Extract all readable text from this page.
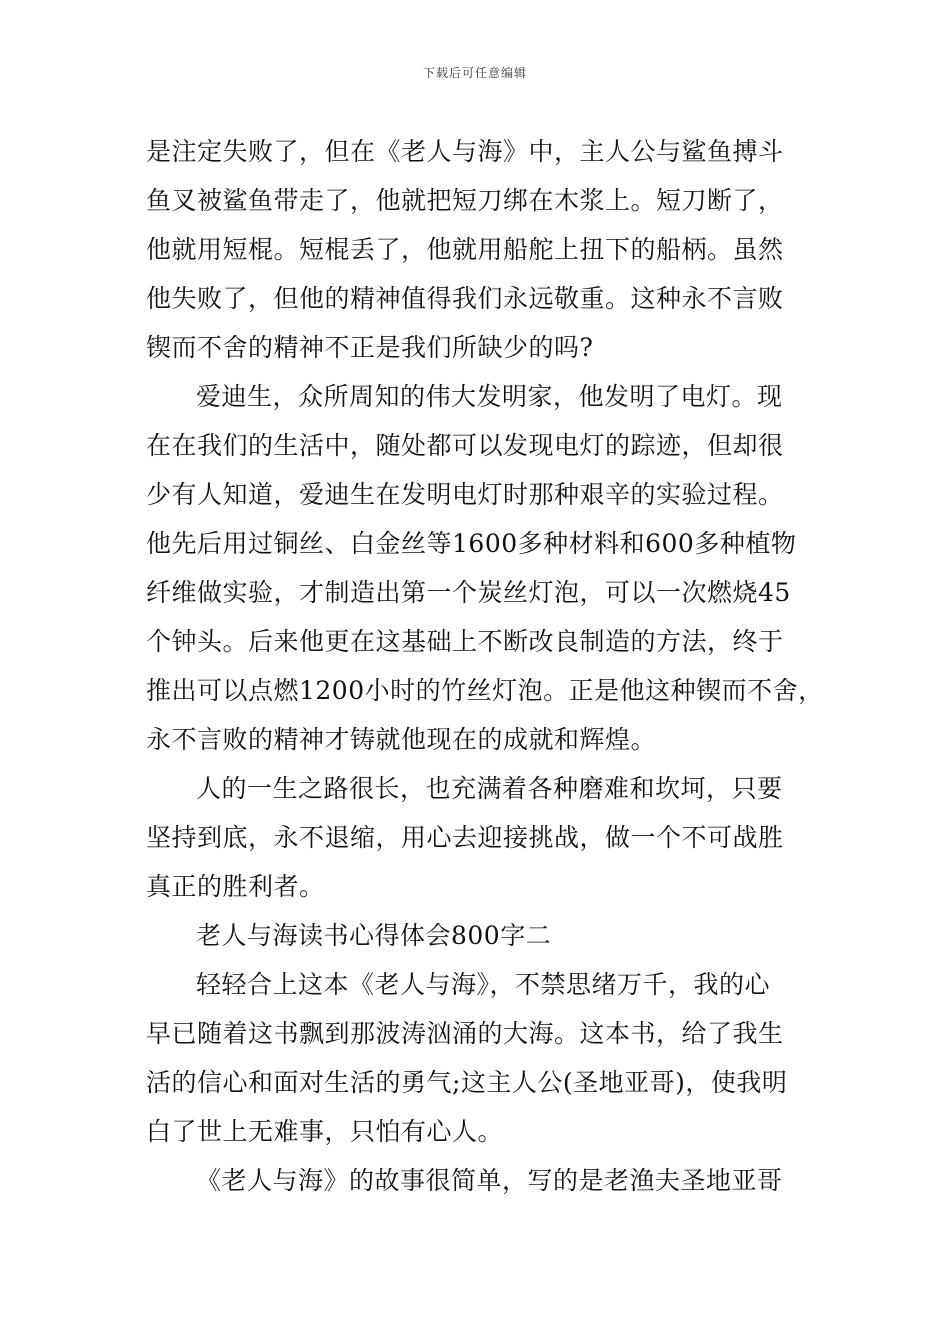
下载后可任意编辑
是注定失败了，但在《老人与海》中，主人公与鲨鱼搏斗
鱼叉被鲨鱼带走了，他就把短刀绑在木浆上。短刀断了，
他就用短棍。短棍丢了，他就用船舵上扭下的船柄。虽然
他失败了，但他的精神值得我们永远敬重。这种永不言败
锲而不舍的精神不正是我们所缺少的吗?
爱迪生，众所周知的伟大发明家，他发明了电灯。现
在在我们的生活中，随处都可以发现电灯的踪迹，但却很
少有人知道，爱迪生在发明电灯时那种艰辛的实验过程。
他先后用过铜丝、白金丝等1600多种材料和600多种植物
纤维做实验，才制造出第一个炭丝灯泡，可以一次燃烧45
个钟头。后来他更在这基础上不断改良制造的方法，终于
推出可以点燃1200小时的竹丝灯泡。正是他这种锲而不舍，
永不言败的精神才铸就他现在的成就和辉煌。
人的一生之路很长，也充满着各种磨难和坎坷，只要
坚持到底，永不退缩，用心去迎接挑战，做一个不可战胜
真正的胜利者。
老人与海读书心得体会800字二
轻轻合上这本《老人与海》，不禁思绪万千，我的心
早已随着这书飘到那波涛汹涌的大海。这本书，给了我生
活的信心和面对生活的勇气;这主人公(圣地亚哥)，使我明
白了世上无难事，只怕有心人。
《老人与海》的故事很简单，写的是老渔夫圣地亚哥
